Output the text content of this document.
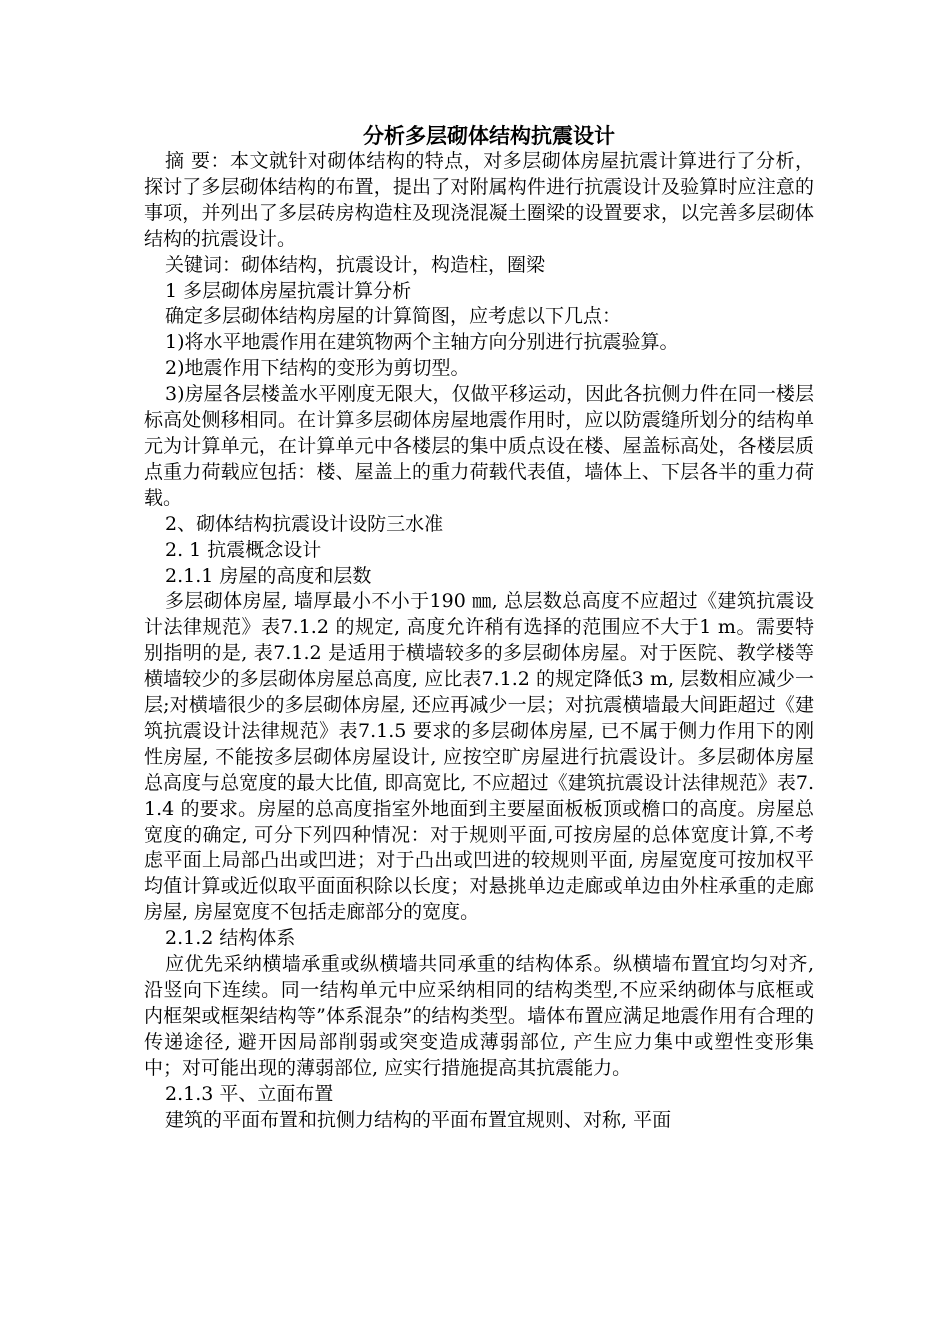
分析多层砌体结构抗震设计

摘 要：本文就针对砌体结构的特点，对多层砌体房屋抗震计算进行了分析，探讨了多层砌体结构的布置，提出了对附属构件进行抗震设计及验算时应注意的事项，并列出了多层砖房构造柱及现浇混凝土圈梁的设置要求，以完善多层砌体结构的抗震设计。

关键词：砌体结构，抗震设计，构造柱，圈梁

1 多层砌体房屋抗震计算分析

确定多层砌体结构房屋的计算简图，应考虑以下几点：

1)将水平地震作用在建筑物两个主轴方向分别进行抗震验算。

2)地震作用下结构的变形为剪切型。

3)房屋各层楼盖水平刚度无限大，仅做平移运动，因此各抗侧力件在同一楼层标高处侧移相同。在计算多层砌体房屋地震作用时，应以防震缝所划分的结构单元为计算单元，在计算单元中各楼层的集中质点设在楼、屋盖标高处，各楼层质点重力荷载应包括：楼、屋盖上的重力荷载代表值，墙体上、下层各半的重力荷载。

2、砌体结构抗震设计设防三水准

2. 1 抗震概念设计

2.1.1 房屋的高度和层数

多层砌体房屋, 墙厚最小不小于190 ㎜, 总层数总高度不应超过《建筑抗震设计法律规范》表7.1.2 的规定, 高度允许稍有选择的范围应不大于1 m。需要特别指明的是, 表7.1.2 是适用于横墙较多的多层砌体房屋。对于医院、教学楼等横墙较少的多层砌体房屋总高度, 应比表7.1.2 的规定降低3 m, 层数相应减少一层;对横墙很少的多层砌体房屋, 还应再减少一层；对抗震横墙最大间距超过《建筑抗震设计法律规范》表7.1.5 要求的多层砌体房屋, 已不属于侧力作用下的刚性房屋, 不能按多层砌体房屋设计, 应按空旷房屋进行抗震设计。多层砌体房屋总高度与总宽度的最大比值, 即高宽比, 不应超过《建筑抗震设计法律规范》表7.1.4 的要求。房屋的总高度指室外地面到主要屋面板板顶或檐口的高度。房屋总宽度的确定, 可分下列四种情况：对于规则平面,可按房屋的总体宽度计算,不考虑平面上局部凸出或凹进；对于凸出或凹进的较规则平面, 房屋宽度可按加权平均值计算或近似取平面面积除以长度；对悬挑单边走廊或单边由外柱承重的走廊房屋, 房屋宽度不包括走廊部分的宽度。

2.1.2 结构体系

应优先采纳横墙承重或纵横墙共同承重的结构体系。纵横墙布置宜均匀对齐, 沿竖向下连续。同一结构单元中应采纳相同的结构类型,不应采纳砌体与底框或内框架或框架结构等”体系混杂”的结构类型。墙体布置应满足地震作用有合理的传递途径, 避开因局部削弱或突变造成薄弱部位, 产生应力集中或塑性变形集中；对可能出现的薄弱部位, 应实行措施提高其抗震能力。

2.1.3 平、立面布置

建筑的平面布置和抗侧力结构的平面布置宜规则、对称, 平面
